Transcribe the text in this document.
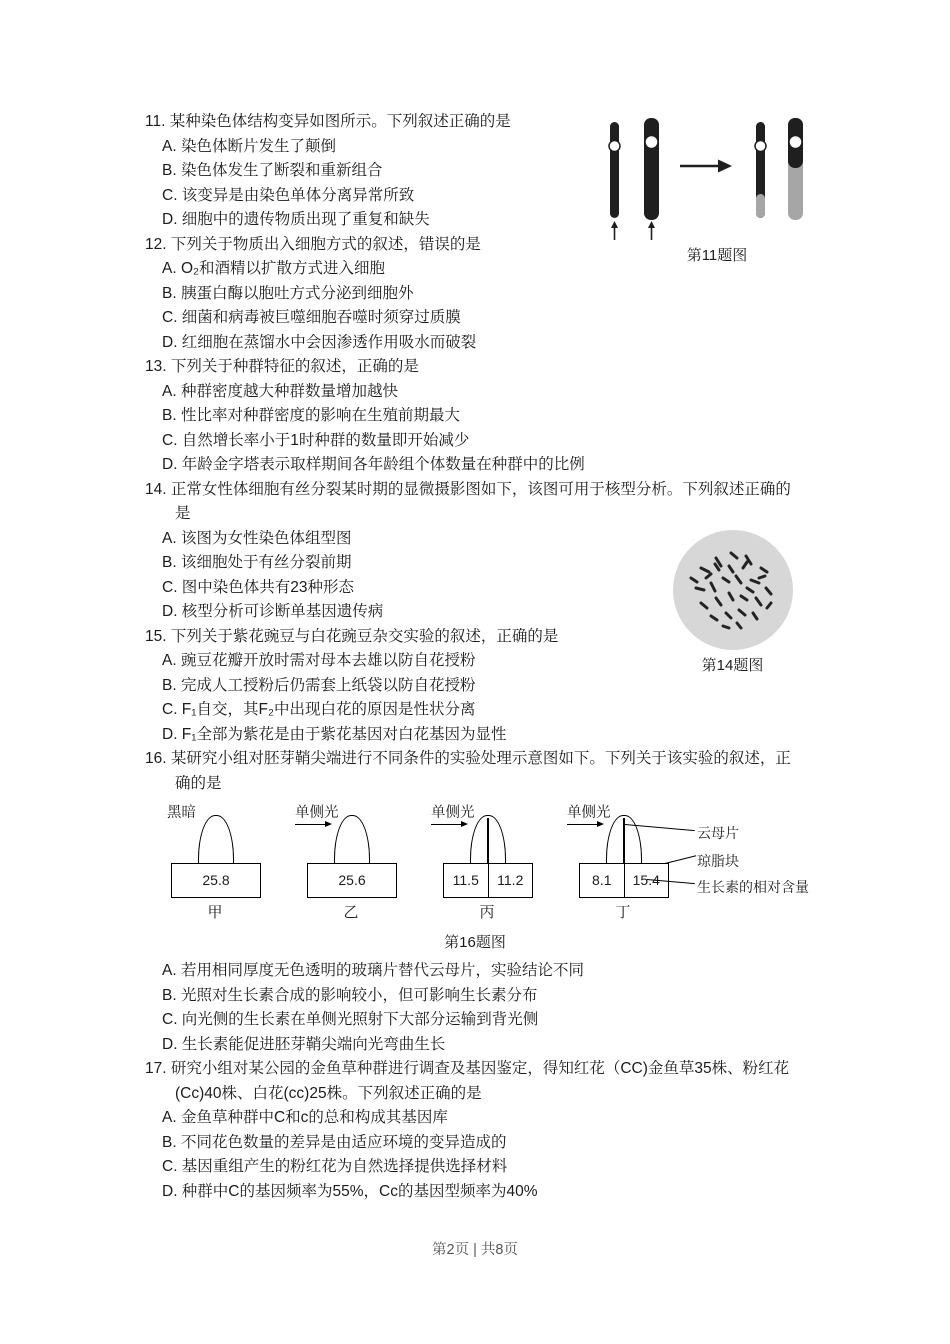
11. 某种染色体结构变异如图所示。下列叙述正确的是
A. 染色体断片发生了颠倒
B. 染色体发生了断裂和重新组合
C. 该变异是由染色单体分离异常所致
D. 细胞中的遗传物质出现了重复和缺失
12. 下列关于物质出入细胞方式的叙述，错误的是
A. O₂和酒精以扩散方式进入细胞
B. 胰蛋白酶以胞吐方式分泌到细胞外
C. 细菌和病毒被巨噬细胞吞噬时须穿过质膜
D. 红细胞在蒸馏水中会因渗透作用吸水而破裂
13. 下列关于种群特征的叙述，正确的是
A. 种群密度越大种群数量增加越快
B. 性比率对种群密度的影响在生殖前期最大
C. 自然增长率小于1时种群的数量即开始减少
D. 年龄金字塔表示取样期间各年龄组个体数量在种群中的比例
14. 正常女性体细胞有丝分裂某时期的显微摄影图如下，该图可用于核型分析。下列叙述正确的是
A. 该图为女性染色体组型图
B. 该细胞处于有丝分裂前期
C. 图中染色体共有23种形态
D. 核型分析可诊断单基因遗传病
15. 下列关于紫花豌豆与白花豌豆杂交实验的叙述，正确的是
A. 豌豆花瓣开放时需对母本去雄以防自花授粉
B. 完成人工授粉后仍需套上纸袋以防自花授粉
C. F₁自交，其F₂中出现白花的原因是性状分离
D. F₁全部为紫花是由于紫花基因对白花基因为显性
16. 某研究小组对胚芽鞘尖端进行不同条件的实验处理示意图如下。下列关于该实验的叙述，正确的是
黑暗
25.8
甲
单侧光
25.6
乙
单侧光
11.5	11.2
丙
单侧光
8.1	15.4
丁
云母片
琼脂块
生长素的相对含量
第16题图
A. 若用相同厚度无色透明的玻璃片替代云母片，实验结论不同
B. 光照对生长素合成的影响较小，但可影响生长素分布
C. 向光侧的生长素在单侧光照射下大部分运输到背光侧
D. 生长素能促进胚芽鞘尖端向光弯曲生长
17. 研究小组对某公园的金鱼草种群进行调查及基因鉴定，得知红花（CC)金鱼草35株、粉红花(Cc)40株、白花(cc)25株。下列叙述正确的是
A. 金鱼草种群中C和c的总和构成其基因库
B. 不同花色数量的差异是由适应环境的变异造成的
C. 基因重组产生的粉红花为自然选择提供选择材料
D. 种群中C的基因频率为55%，Cc的基因型频率为40%
第11题图
第14题图
第2页 | 共8页
